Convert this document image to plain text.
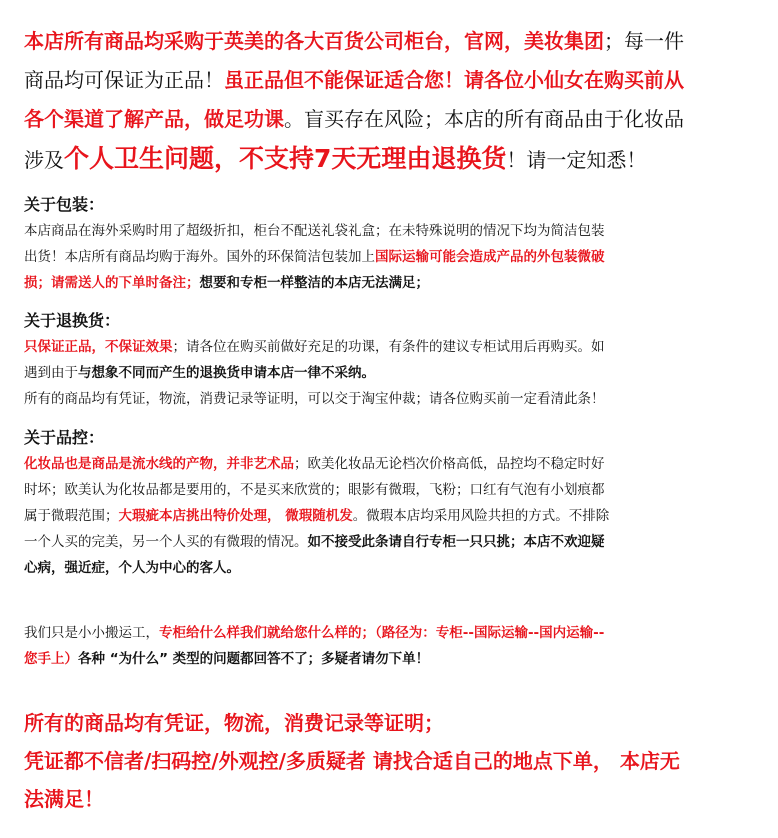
本店所有商品均采购于英美的各大百货公司柜台，官网，美妆集团；每一件
商品均可保证为正品！虽正品但不能保证适合您！请各位小仙女在购买前从
各个渠道了解产品，做足功课。盲买存在风险；本店的所有商品由于化妆品
涉及个人卫生问题，不支持7天无理由退换货！请一定知悉！
关于包装：
本店商品在海外采购时用了超级折扣，柜台不配送礼袋礼盒；在未特殊说明的情况下均为简洁包装
出货！本店所有商品均购于海外。国外的环保简洁包装加上国际运输可能会造成产品的外包装微破
损；请需送人的下单时备注；想要和专柜一样整洁的本店无法满足；
关于退换货：
只保证正品，不保证效果；请各位在购买前做好充足的功课，有条件的建议专柜试用后再购买。如
遇到由于与想象不同而产生的退换货申请本店一律不采纳。
所有的商品均有凭证，物流，消费记录等证明，可以交于淘宝仲裁；请各位购买前一定看清此条！
关于品控：
化妆品也是商品是流水线的产物，并非艺术品；欧美化妆品无论档次价格高低，品控均不稳定时好
时坏；欧美认为化妆品都是要用的，不是买来欣赏的；眼影有微瑕，飞粉；口红有气泡有小划痕都
属于微瑕范围；大瑕疵本店挑出特价处理， 微瑕随机发。微瑕本店均采用风险共担的方式。不排除
一个人买的完美，另一个人买的有微瑕的情况。如不接受此条请自行专柜一只只挑；本店不欢迎疑
心病，强近症，个人为中心的客人。
我们只是小小搬运工，专柜给什么样我们就给您什么样的；（路径为：专柜--国际运输--国内运输--
您手上）各种 “为什么” 类型的问题都回答不了；多疑者请勿下单！
所有的商品均有凭证，物流，消费记录等证明；
凭证都不信者/扫码控/外观控/多质疑者 请找合适自己的地点下单， 本店无
法满足！
